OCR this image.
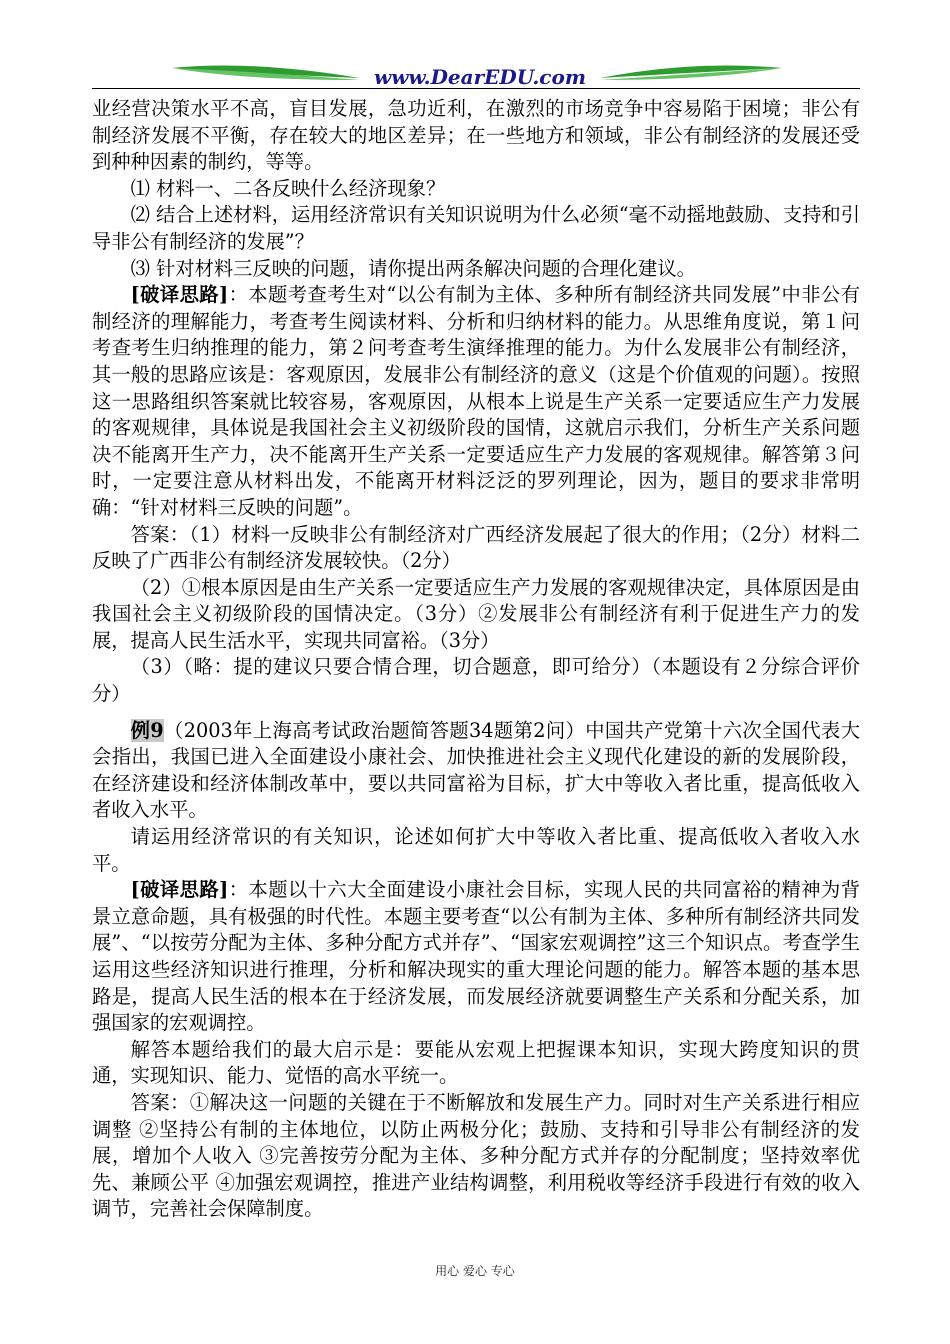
www.DearEDU.com

业经营决策水平不高，盲目发展，急功近利，在激烈的市场竞争中容易陷于困境；非公有制经济发展不平衡，存在较大的地区差异；在一些地方和领域，非公有制经济的发展还受到种种因素的制约，等等。

⑴ 材料一、二各反映什么经济现象？

⑵ 结合上述材料，运用经济常识有关知识说明为什么必须“毫不动摇地鼓励、支持和引导非公有制经济的发展”？

⑶ 针对材料三反映的问题，请你提出两条解决问题的合理化建议。

[破译思路]：本题考查考生对“以公有制为主体、多种所有制经济共同发展”中非公有制经济的理解能力，考查考生阅读材料、分析和归纳材料的能力。从思维角度说，第１问考查考生归纳推理的能力，第２问考查考生演绎推理的能力。为什么发展非公有制经济，其一般的思路应该是：客观原因，发展非公有制经济的意义（这是个价值观的问题）。按照这一思路组织答案就比较容易，客观原因，从根本上说是生产关系一定要适应生产力发展的客观规律，具体说是我国社会主义初级阶段的国情，这就启示我们，分析生产关系问题决不能离开生产力，决不能离开生产关系一定要适应生产力发展的客观规律。解答第３问时，一定要注意从材料出发，不能离开材料泛泛的罗列理论，因为，题目的要求非常明确：“针对材料三反映的问题”。

答案：（1）材料一反映非公有制经济对广西经济发展起了很大的作用；（2分）材料二反映了广西非公有制经济发展较快。（2分）

（2）①根本原因是由生产关系一定要适应生产力发展的客观规律决定，具体原因是由我国社会主义初级阶段的国情决定。（3分）②发展非公有制经济有利于促进生产力的发展，提高人民生活水平，实现共同富裕。（3分）

（3）（略：提的建议只要合情合理，切合题意，即可给分）（本题设有２分综合评价分）

例9（2003年上海高考试政治题简答题34题第2问）中国共产党第十六次全国代表大会指出，我国已进入全面建设小康社会、加快推进社会主义现代化建设的新的发展阶段，在经济建设和经济体制改革中，要以共同富裕为目标，扩大中等收入者比重，提高低收入者收入水平。

请运用经济常识的有关知识，论述如何扩大中等收入者比重、提高低收入者收入水平。

[破译思路]：本题以十六大全面建设小康社会目标，实现人民的共同富裕的精神为背景立意命题，具有极强的时代性。本题主要考查“以公有制为主体、多种所有制经济共同发展”、“以按劳分配为主体、多种分配方式并存”、“国家宏观调控”这三个知识点。考查学生运用这些经济知识进行推理，分析和解决现实的重大理论问题的能力。解答本题的基本思路是，提高人民生活的根本在于经济发展，而发展经济就要调整生产关系和分配关系，加强国家的宏观调控。

解答本题给我们的最大启示是：要能从宏观上把握课本知识，实现大跨度知识的贯通，实现知识、能力、觉悟的高水平统一。

答案：①解决这一问题的关键在于不断解放和发展生产力。同时对生产关系进行相应调整 ②坚持公有制的主体地位，以防止两极分化；鼓励、支持和引导非公有制经济的发展，增加个人收入 ③完善按劳分配为主体、多种分配方式并存的分配制度；坚持效率优先、兼顾公平 ④加强宏观调控，推进产业结构调整，利用税收等经济手段进行有效的收入调节，完善社会保障制度。

用心 爱心 专心
